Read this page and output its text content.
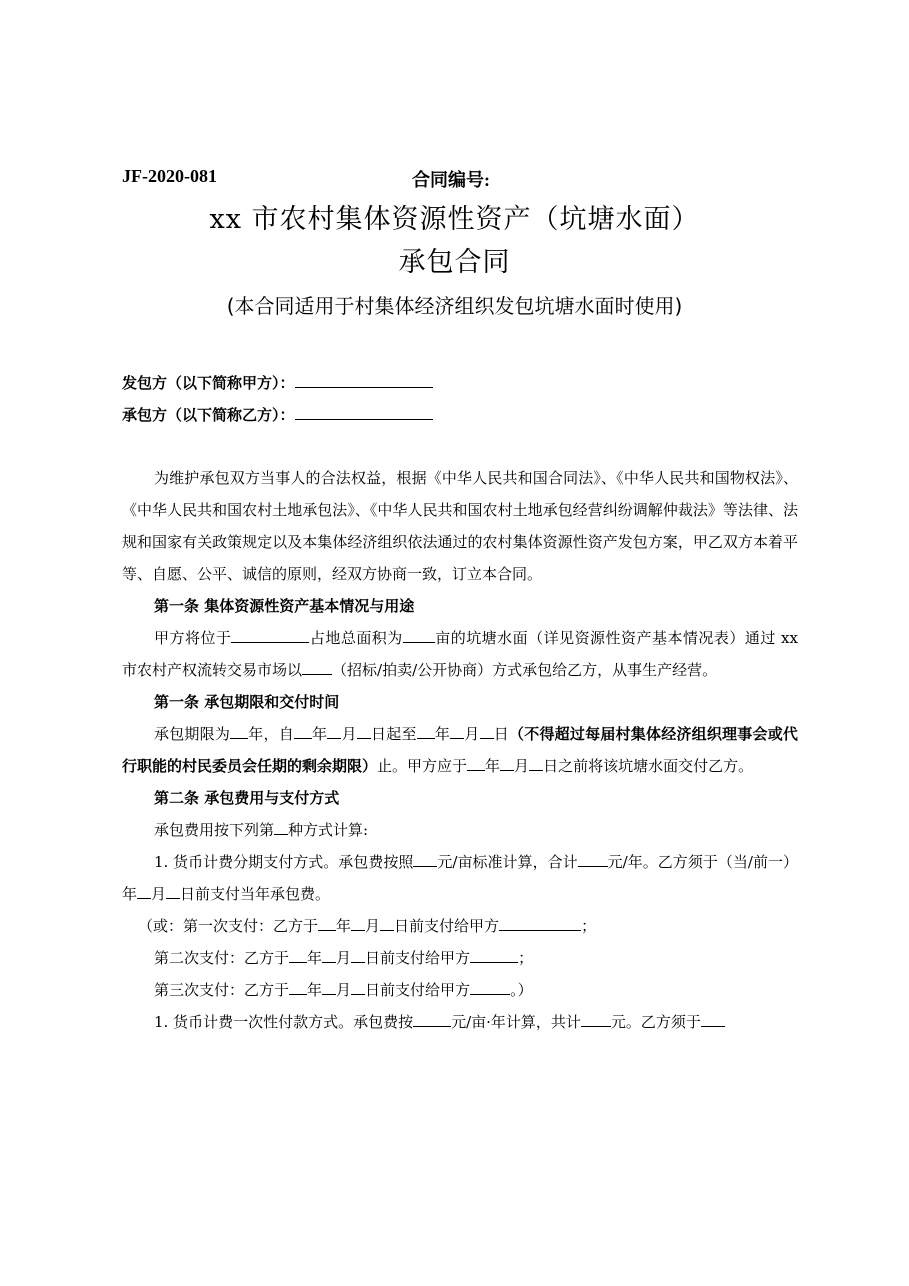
JF-2020-081	合同编号:
xx 市农村集体资源性资产（坑塘水面）
承包合同
(本合同适用于村集体经济组织发包坑塘水面时使用)
发包方（以下简称甲方）：
承包方（以下简称乙方）：

为维护承包双方当事人的合法权益，根据《中华人民共和国合同法》、《中华人民共和国物权法》、《中华人民共和国农村土地承包法》、《中华人民共和国农村土地承包经营纠纷调解仲裁法》等法律、法规和国家有关政策规定以及本集体经济组织依法通过的农村集体资源性资产发包方案，甲乙双方本着平等、自愿、公平、诚信的原则，经双方协商一致，订立本合同。

第一条 集体资源性资产基本情况与用途

甲方将位于	占地总面积为 亩的坑塘水面（详见资源性资产基本情况表）通过 xx 市农村产权流转交易市场以 （招标/拍卖/公开协商）方式承包给乙方，从事生产经营。

第一条 承包期限和交付时间

承包期限为 年，自 年 月 日起至 年 月 日（不得超过每届村集体经济组织理事会或代行职能的村民委员会任期的剩余期限）止。甲方应于 年 月 日之前将该坑塘水面交付乙方。

第二条 承包费用与支付方式

承包费用按下列第 种方式计算:

1. 货币计费分期支付方式。承包费按照 元/亩标准计算，合计 元/年。乙方须于（当/前一）年 月 日前支付当年承包费。

（或：第一次支付：乙方于 年 月 日前支付给甲方	；

第二次支付：乙方于 年 月 日前支付给甲方	；

第三次支付：乙方于 年 月 日前支付给甲方	。）

1. 货币计费一次性付款方式。承包费按	元/亩·年计算，共计 元。乙方须于
